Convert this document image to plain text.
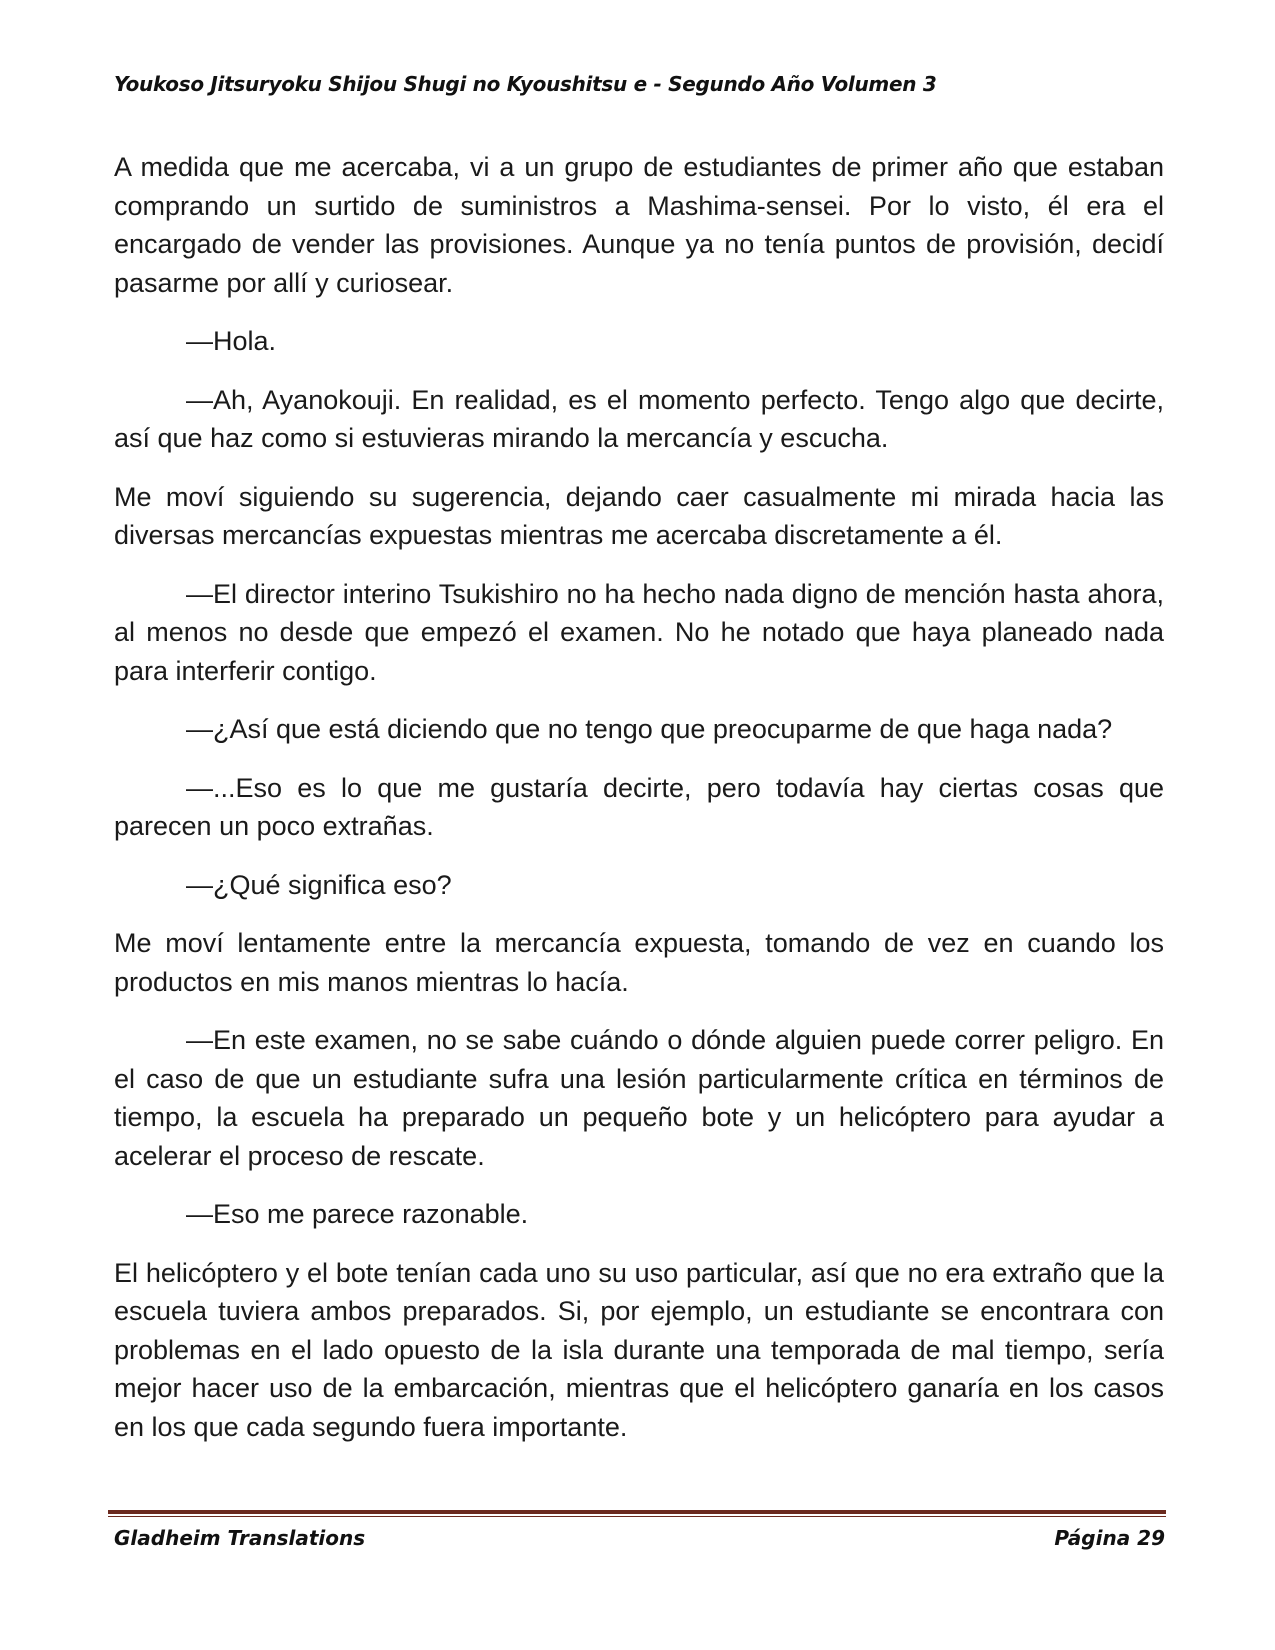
Youkoso Jitsuryoku Shijou Shugi no Kyoushitsu e - Segundo Año Volumen 3

A medida que me acercaba, vi a un grupo de estudiantes de primer año que estaban comprando un surtido de suministros a Mashima-sensei. Por lo visto, él era el encargado de vender las provisiones. Aunque ya no tenía puntos de provisión, decidí pasarme por allí y curiosear.

—Hola.

—Ah, Ayanokouji. En realidad, es el momento perfecto. Tengo algo que decirte, así que haz como si estuvieras mirando la mercancía y escucha.

Me moví siguiendo su sugerencia, dejando caer casualmente mi mirada hacia las diversas mercancías expuestas mientras me acercaba discretamente a él.

—El director interino Tsukishiro no ha hecho nada digno de mención hasta ahora, al menos no desde que empezó el examen. No he notado que haya planeado nada para interferir contigo.

—¿Así que está diciendo que no tengo que preocuparme de que haga nada?

—...Eso es lo que me gustaría decirte, pero todavía hay ciertas cosas que parecen un poco extrañas.

—¿Qué significa eso?

Me moví lentamente entre la mercancía expuesta, tomando de vez en cuando los productos en mis manos mientras lo hacía.

—En este examen, no se sabe cuándo o dónde alguien puede correr peligro. En el caso de que un estudiante sufra una lesión particularmente crítica en términos de tiempo, la escuela ha preparado un pequeño bote y un helicóptero para ayudar a acelerar el proceso de rescate.

—Eso me parece razonable.

El helicóptero y el bote tenían cada uno su uso particular, así que no era extraño que la escuela tuviera ambos preparados. Si, por ejemplo, un estudiante se encontrara con problemas en el lado opuesto de la isla durante una temporada de mal tiempo, sería mejor hacer uso de la embarcación, mientras que el helicóptero ganaría en los casos en los que cada segundo fuera importante.

Gladheim Translations	Página 29
